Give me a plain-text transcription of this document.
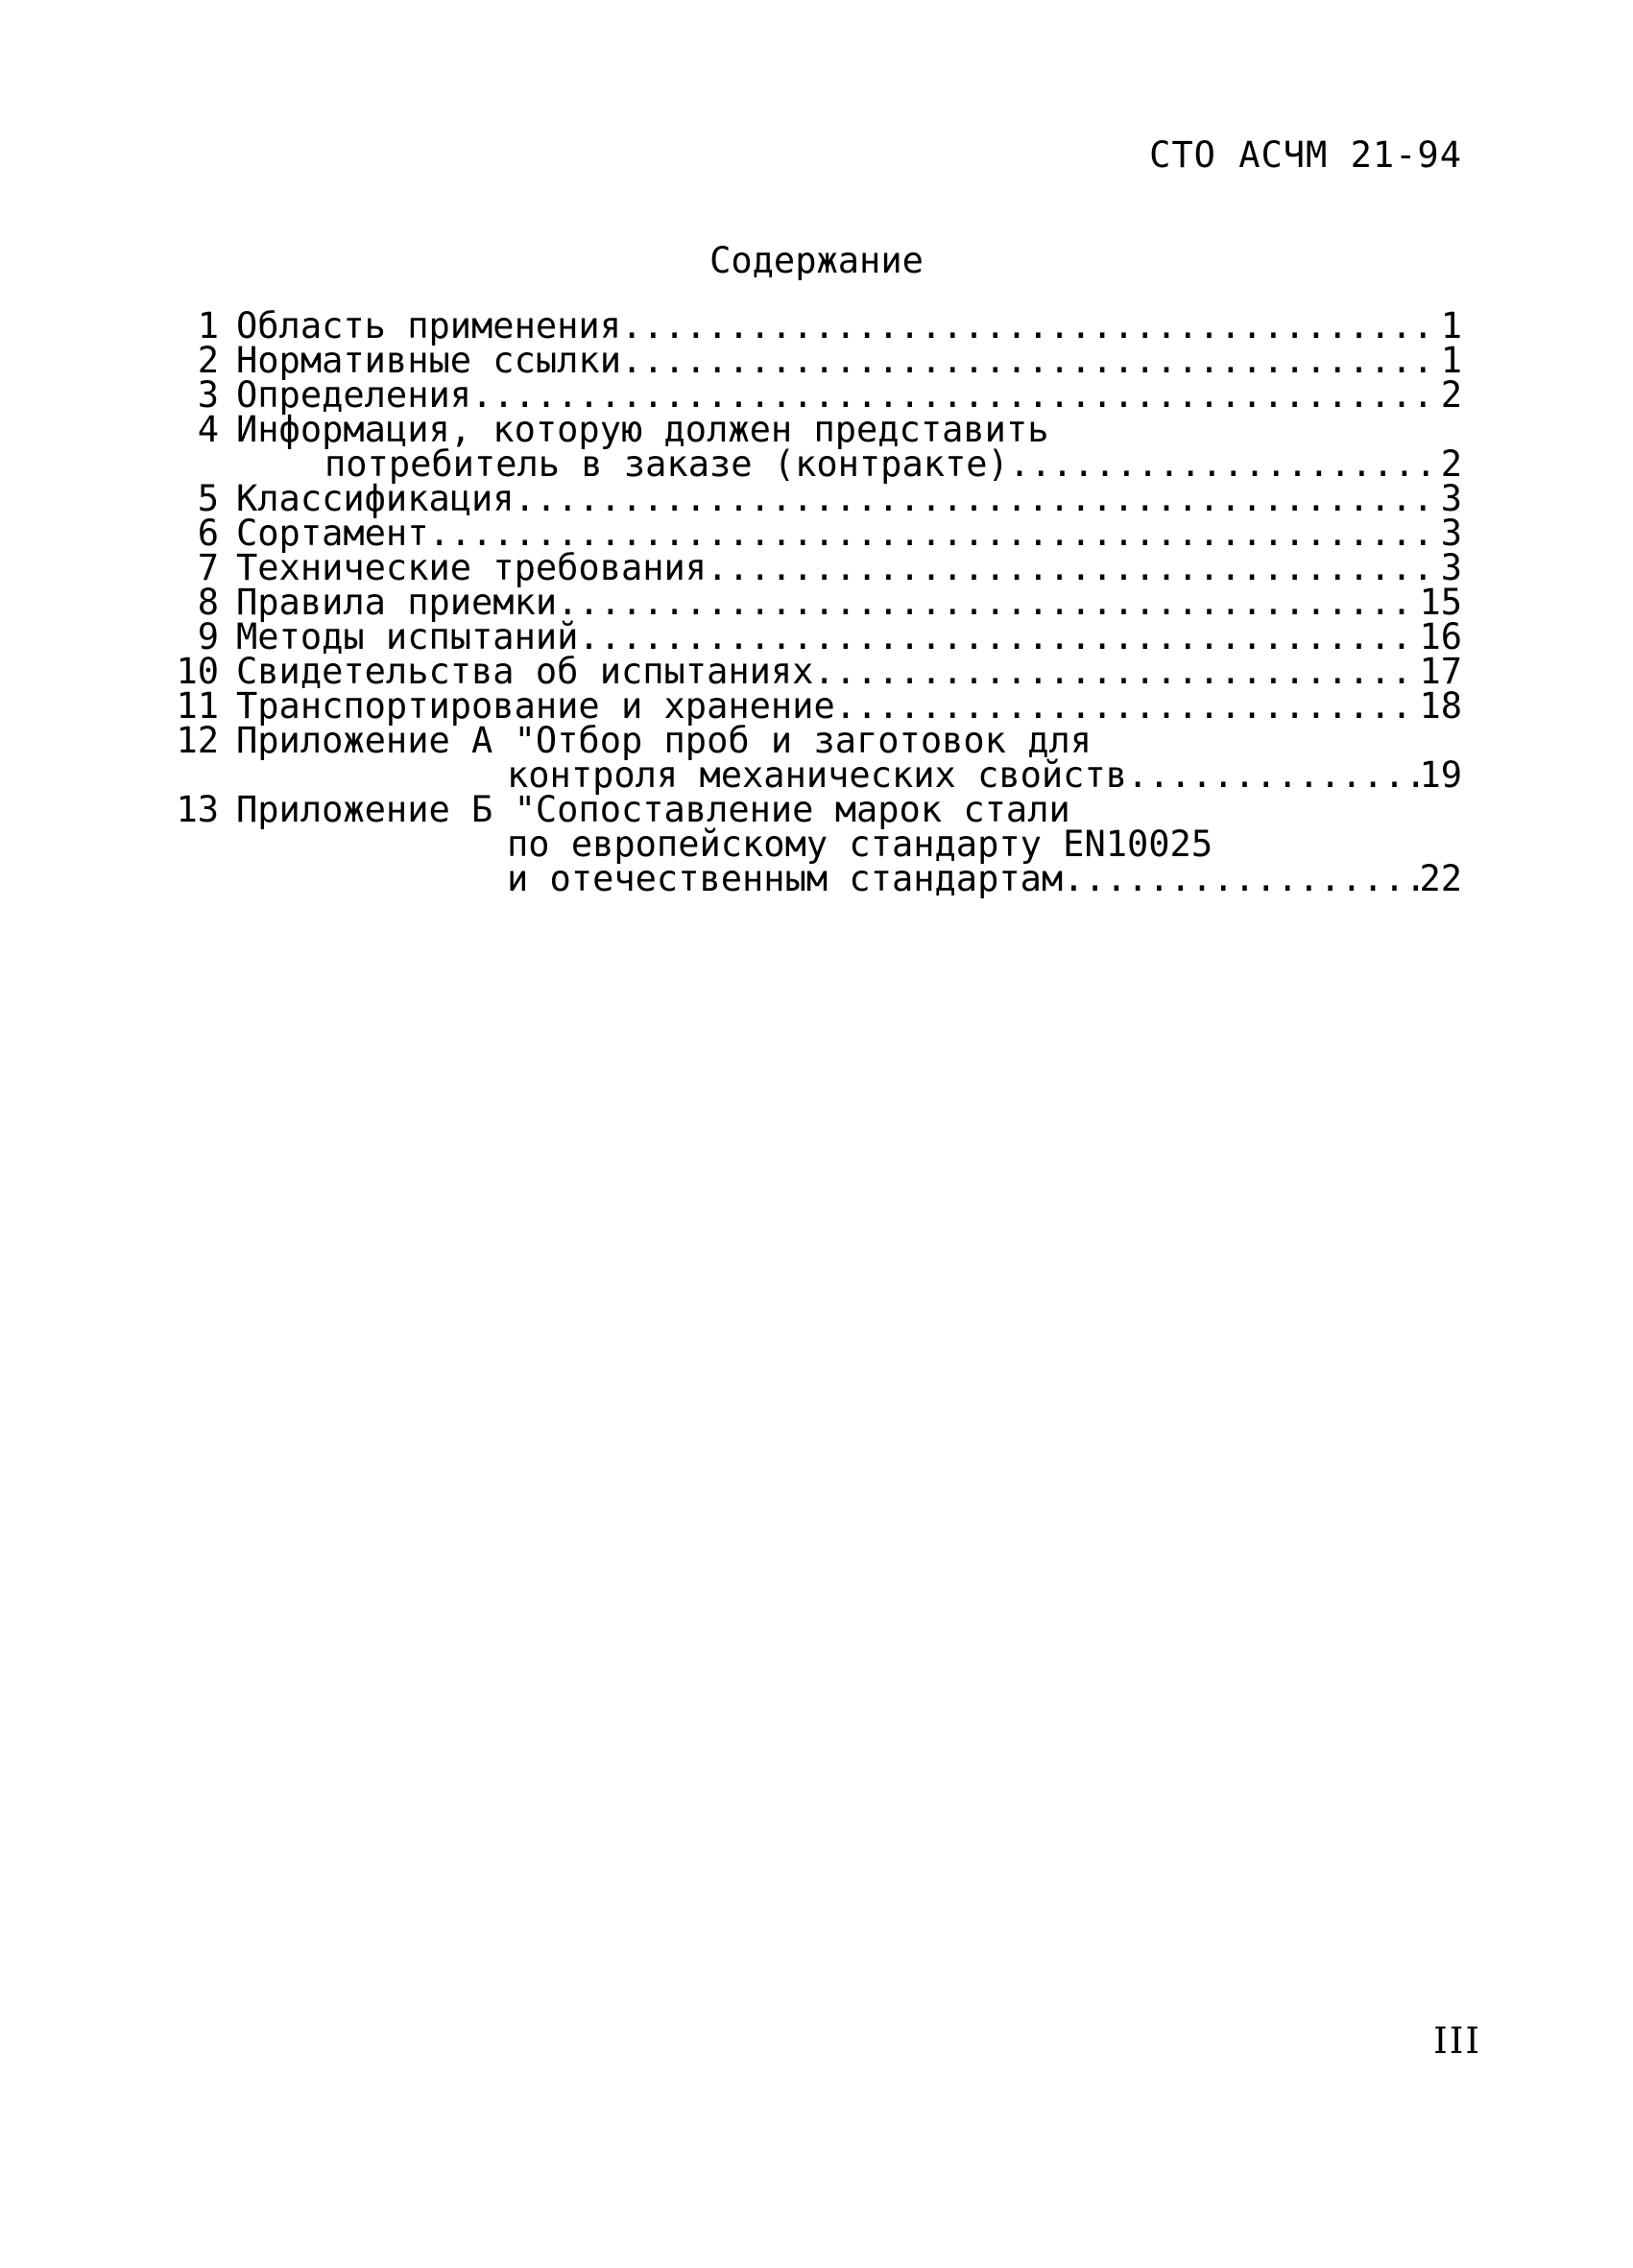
СТО АСЧМ 21-94
Содержание
1 Область применения .....	1
2 Нормативные ссылки .....	1
3 Определения .....	2
4 Информация, которую должен представить
потребитель в заказе (контракте) .....	2
5 Классификация .....	3
6 Сортамент .....	3
7 Технические требования .....	3
8 Правила приемки .....	15
9 Методы испытаний .....	16
10 Свидетельства об испытаниях .....	17
11 Транспортирование и хранение .....	18
12 Приложение А "Отбор проб и заготовок для
контроля механических свойств .....	19
13 Приложение Б "Сопоставление марок стали
по европейскому стандарту EN10025
и отечественным стандартам .....	22
III
